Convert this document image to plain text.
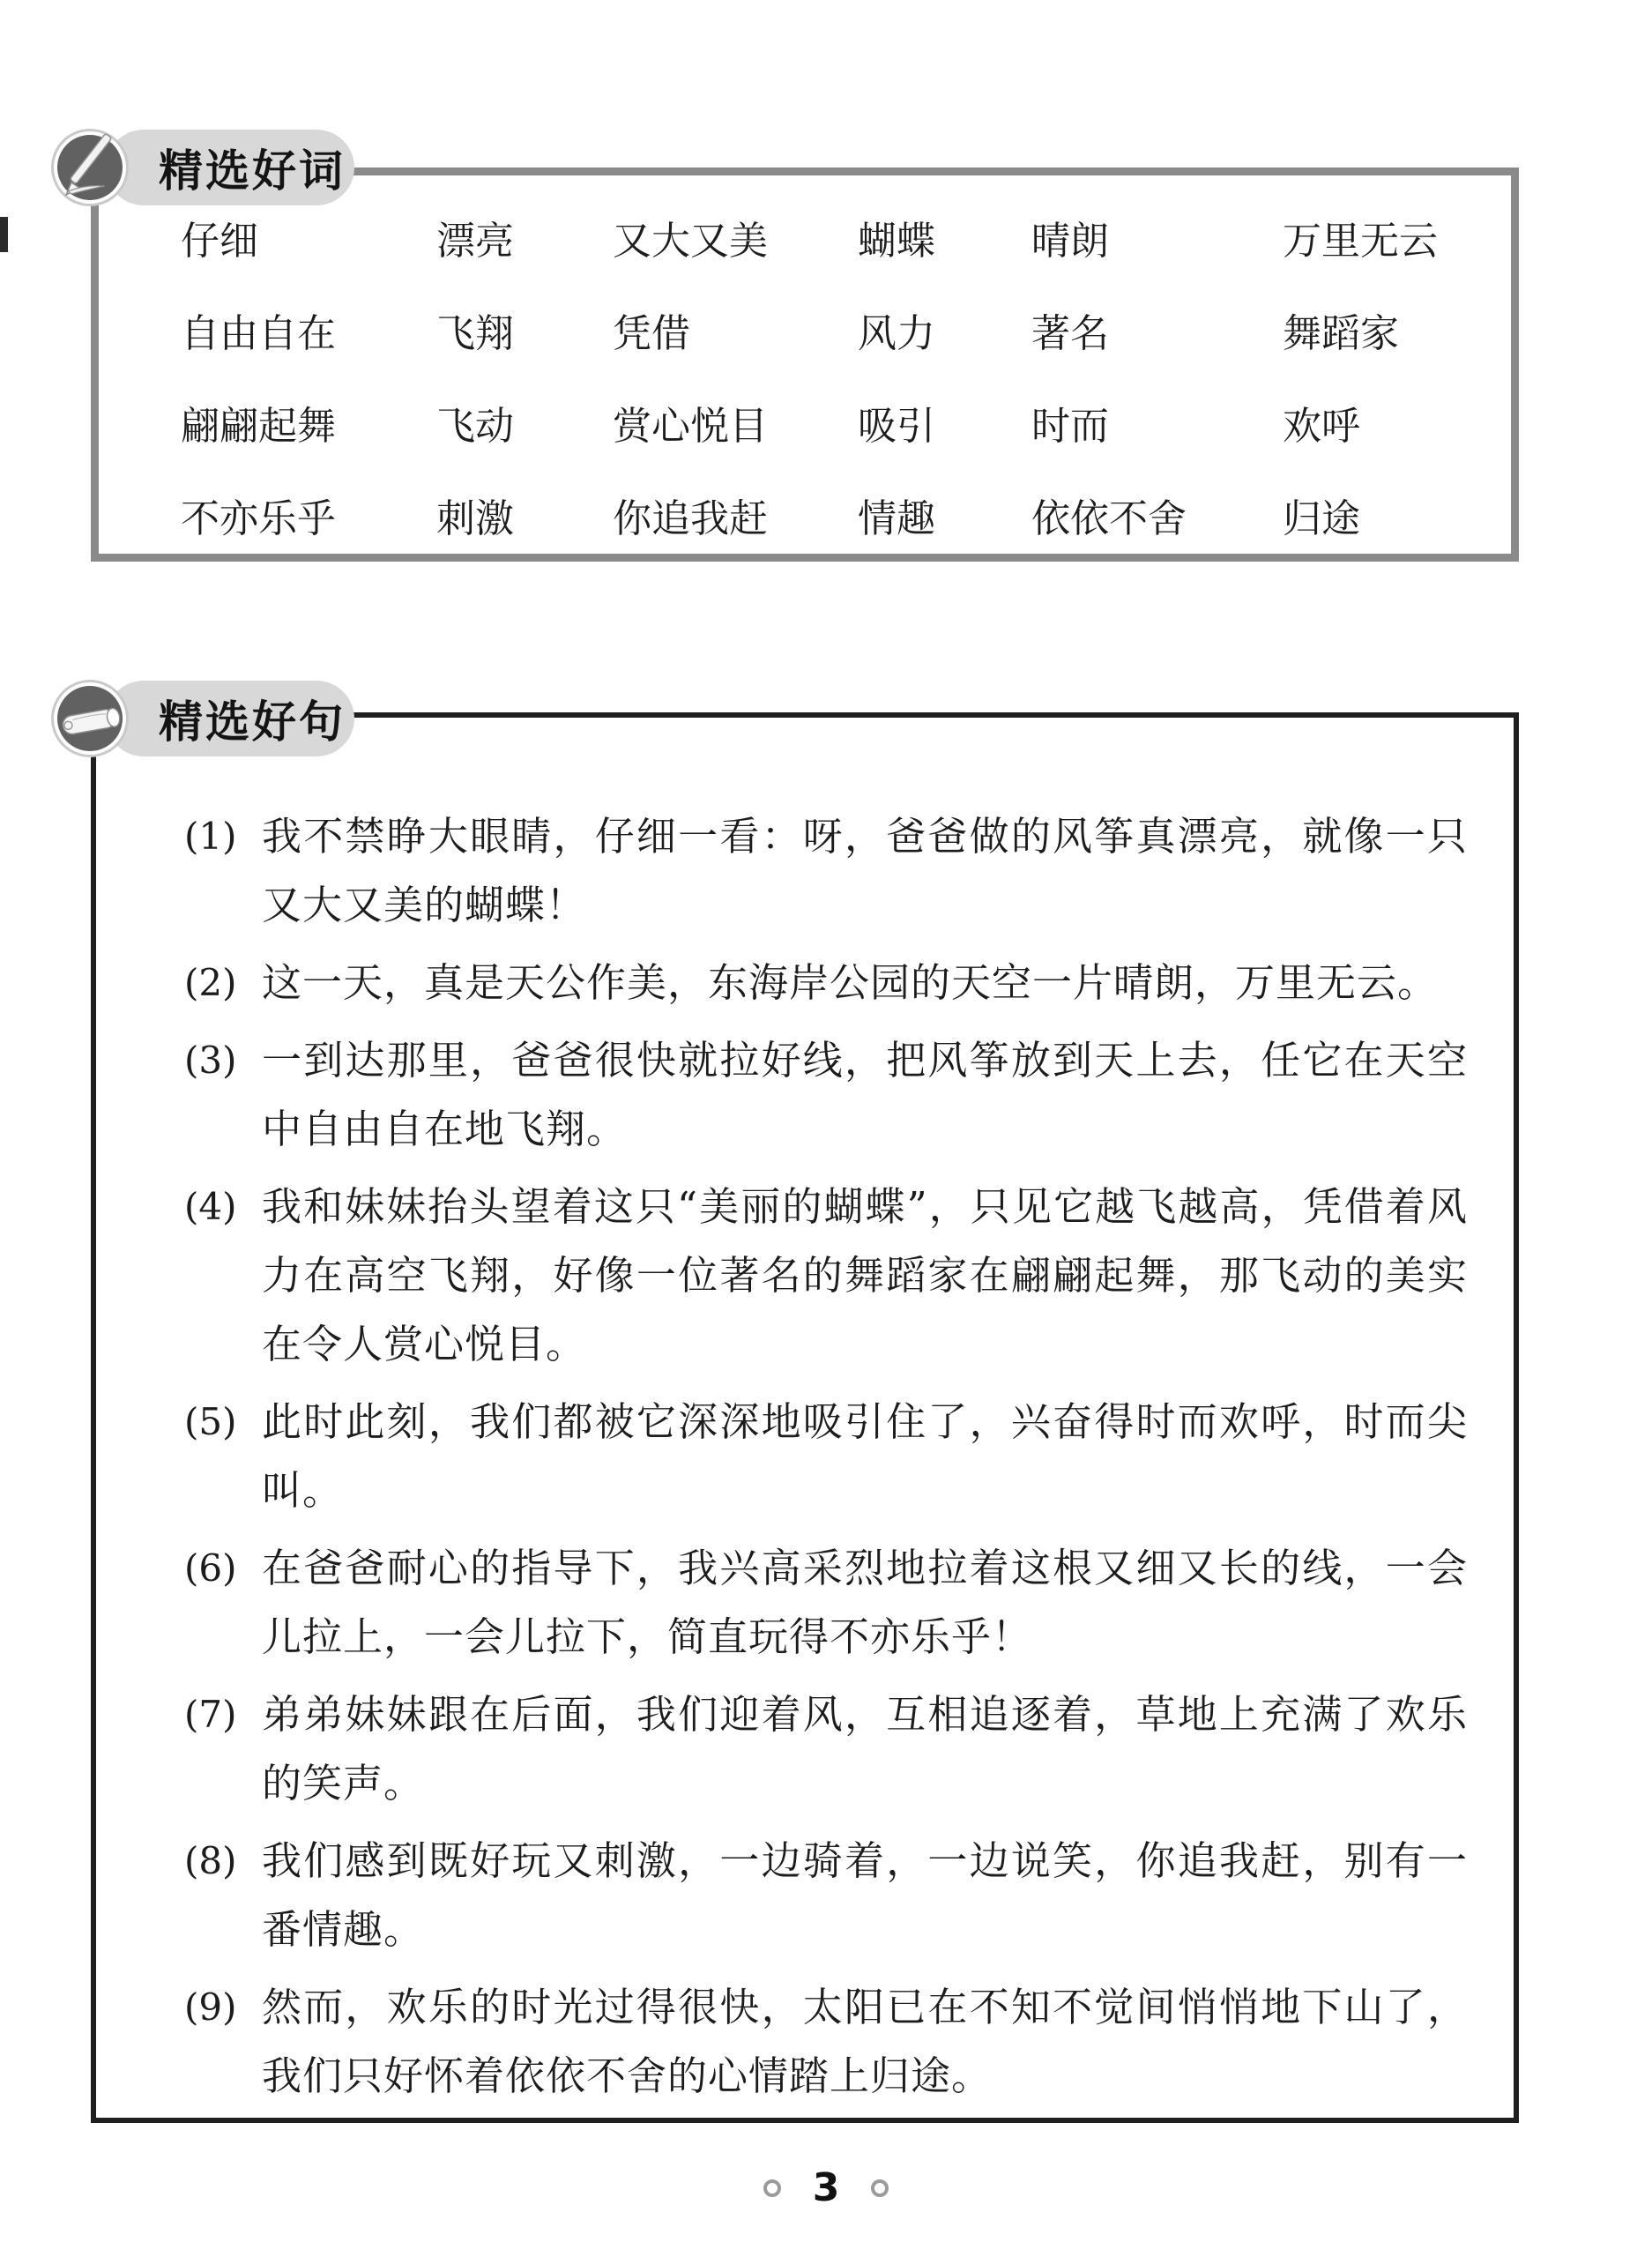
仔细	漂亮	又大又美	蝴蝶	晴朗	万里无云
自由自在	飞翔	凭借	风力	著名	舞蹈家
翩翩起舞	飞动	赏心悦目	吸引	时而	欢呼
不亦乐乎	刺激	你追我赶	情趣	依依不舍	归途
精选好词
(1) 我不禁睁大眼睛，仔细一看：呀，爸爸做的风筝真漂亮，就像一只又大又美的蝴蝶！
(2) 这一天，真是天公作美，东海岸公园的天空一片晴朗，万里无云。
(3) 一到达那里，爸爸很快就拉好线，把风筝放到天上去，任它在天空中自由自在地飞翔。
(4) 我和妹妹抬头望着这只“美丽的蝴蝶”，只见它越飞越高，凭借着风力在高空飞翔，好像一位著名的舞蹈家在翩翩起舞，那飞动的美实在令人赏心悦目。
(5) 此时此刻，我们都被它深深地吸引住了，兴奋得时而欢呼，时而尖叫。
(6) 在爸爸耐心的指导下，我兴高采烈地拉着这根又细又长的线，一会儿拉上，一会儿拉下，简直玩得不亦乐乎！
(7) 弟弟妹妹跟在后面，我们迎着风，互相追逐着，草地上充满了欢乐的笑声。
(8) 我们感到既好玩又刺激，一边骑着，一边说笑，你追我赶，别有一番情趣。
(9) 然而，欢乐的时光过得很快，太阳已在不知不觉间悄悄地下山了，我们只好怀着依依不舍的心情踏上归途。
精选好句
3
